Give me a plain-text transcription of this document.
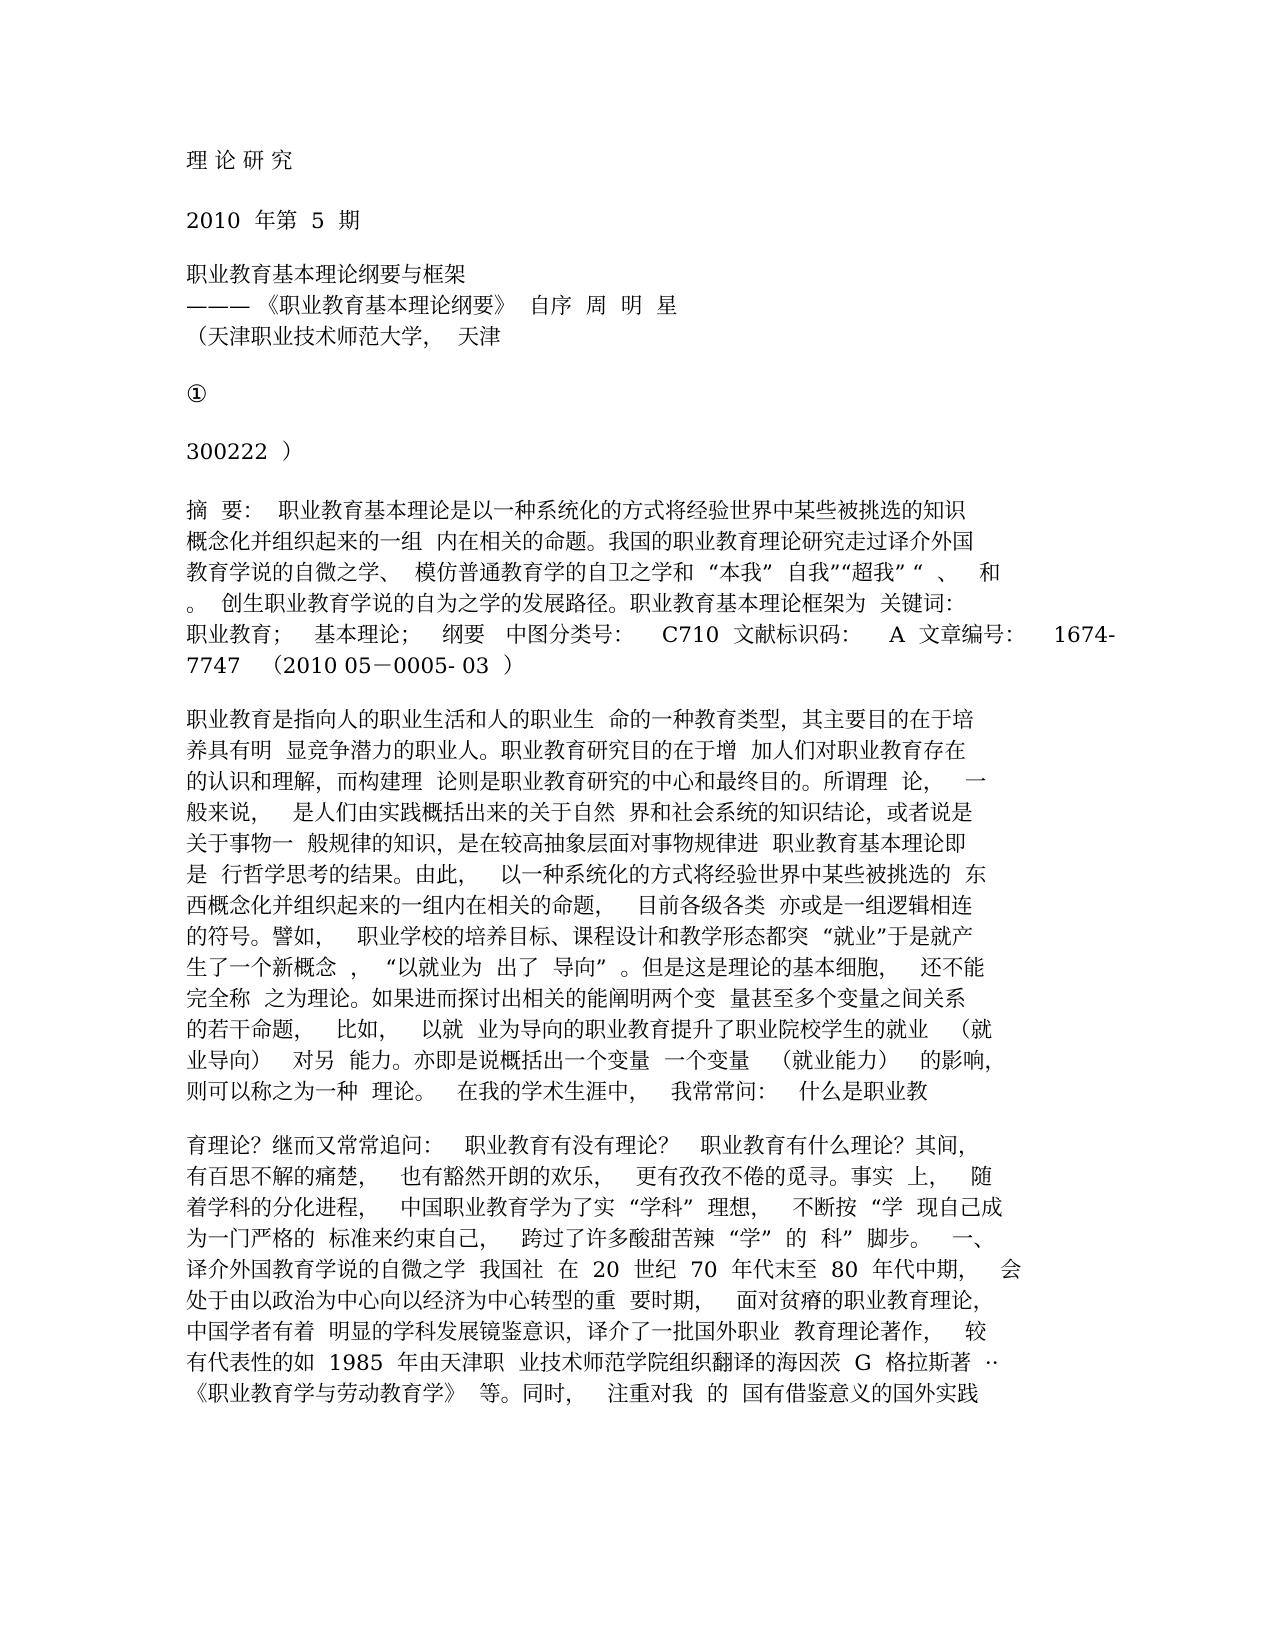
理 论 研 究
2010  年第  5  期
职业教育基本理论纲要与框架
——— 《职业教育基本理论纲要》  自序  周  明  星
（天津职业技术师范大学，  天津
①
300222  ）
摘  要：  职业教育基本理论是以一种系统化的方式将经验世界中某些被挑选的知识
概念化并组织起来的一组  内在相关的命题。我国的职业教育理论研究走过译介外国
教育学说的自微之学、  模仿普通教育学的自卫之学和  “本我”  自我”“超我” “  、   和
。  创生职业教育学说的自为之学的发展路径。职业教育基本理论框架为  关键词：
职业教育；   基本理论；   纲要   中图分类号：    C710  文献标识码：    A  文章编号：    1674-
7747   （2010 05－0005- 03  ）
职业教育是指向人的职业生活和人的职业生  命的一种教育类型，其主要目的在于培
养具有明  显竞争潜力的职业人。职业教育研究目的在于增  加人们对职业教育存在
的认识和理解，而构建理  论则是职业教育研究的中心和最终目的。所谓理  论，   一
般来说，   是人们由实践概括出来的关于自然  界和社会系统的知识结论，或者说是
关于事物一  般规律的知识，是在较高抽象层面对事物规律进  职业教育基本理论即
是  行哲学思考的结果。由此，   以一种系统化的方式将经验世界中某些被挑选的  东
西概念化并组织起来的一组内在相关的命题，   目前各级各类  亦或是一组逻辑相连
的符号。譬如，   职业学校的培养目标、课程设计和教学形态都突  “就业”于是就产
生了一个新概念  ，  “以就业为  出了  导向”  。但是这是理论的基本细胞，   还不能
完全称  之为理论。如果进而探讨出相关的能阐明两个变  量甚至多个变量之间关系
的若干命题，   比如，   以就  业为导向的职业教育提升了职业院校学生的就业   （就
业导向）   对另  能力。亦即是说概括出一个变量  一个变量   （就业能力）   的影响，
则可以称之为一种  理论。   在我的学术生涯中，   我常常问：   什么是职业教
育理论？继而又常常追问：   职业教育有没有理论？   职业教育有什么理论？其间，
有百思不解的痛楚，   也有豁然开朗的欢乐，   更有孜孜不倦的觅寻。事实  上，   随
着学科的分化进程，   中国职业教育学为了实  “学科”  理想，   不断按  “学  现自己成
为一门严格的  标准来约束自己，   跨过了许多酸甜苦辣  “学”  的  科”  脚步。   一、
译介外国教育学说的自微之学  我国社  在  20  世纪  70  年代末至  80  年代中期，   会
处于由以政治为中心向以经济为中心转型的重  要时期，   面对贫瘠的职业教育理论，
中国学者有着  明显的学科发展镜鉴意识，译介了一批国外职业  教育理论著作，   较
有代表性的如  1985  年由天津职  业技术师范学院组织翻译的海因茨  G  格拉斯著  ··
《职业教育学与劳动教育学》  等。同时，   注重对我  的  国有借鉴意义的国外实践
